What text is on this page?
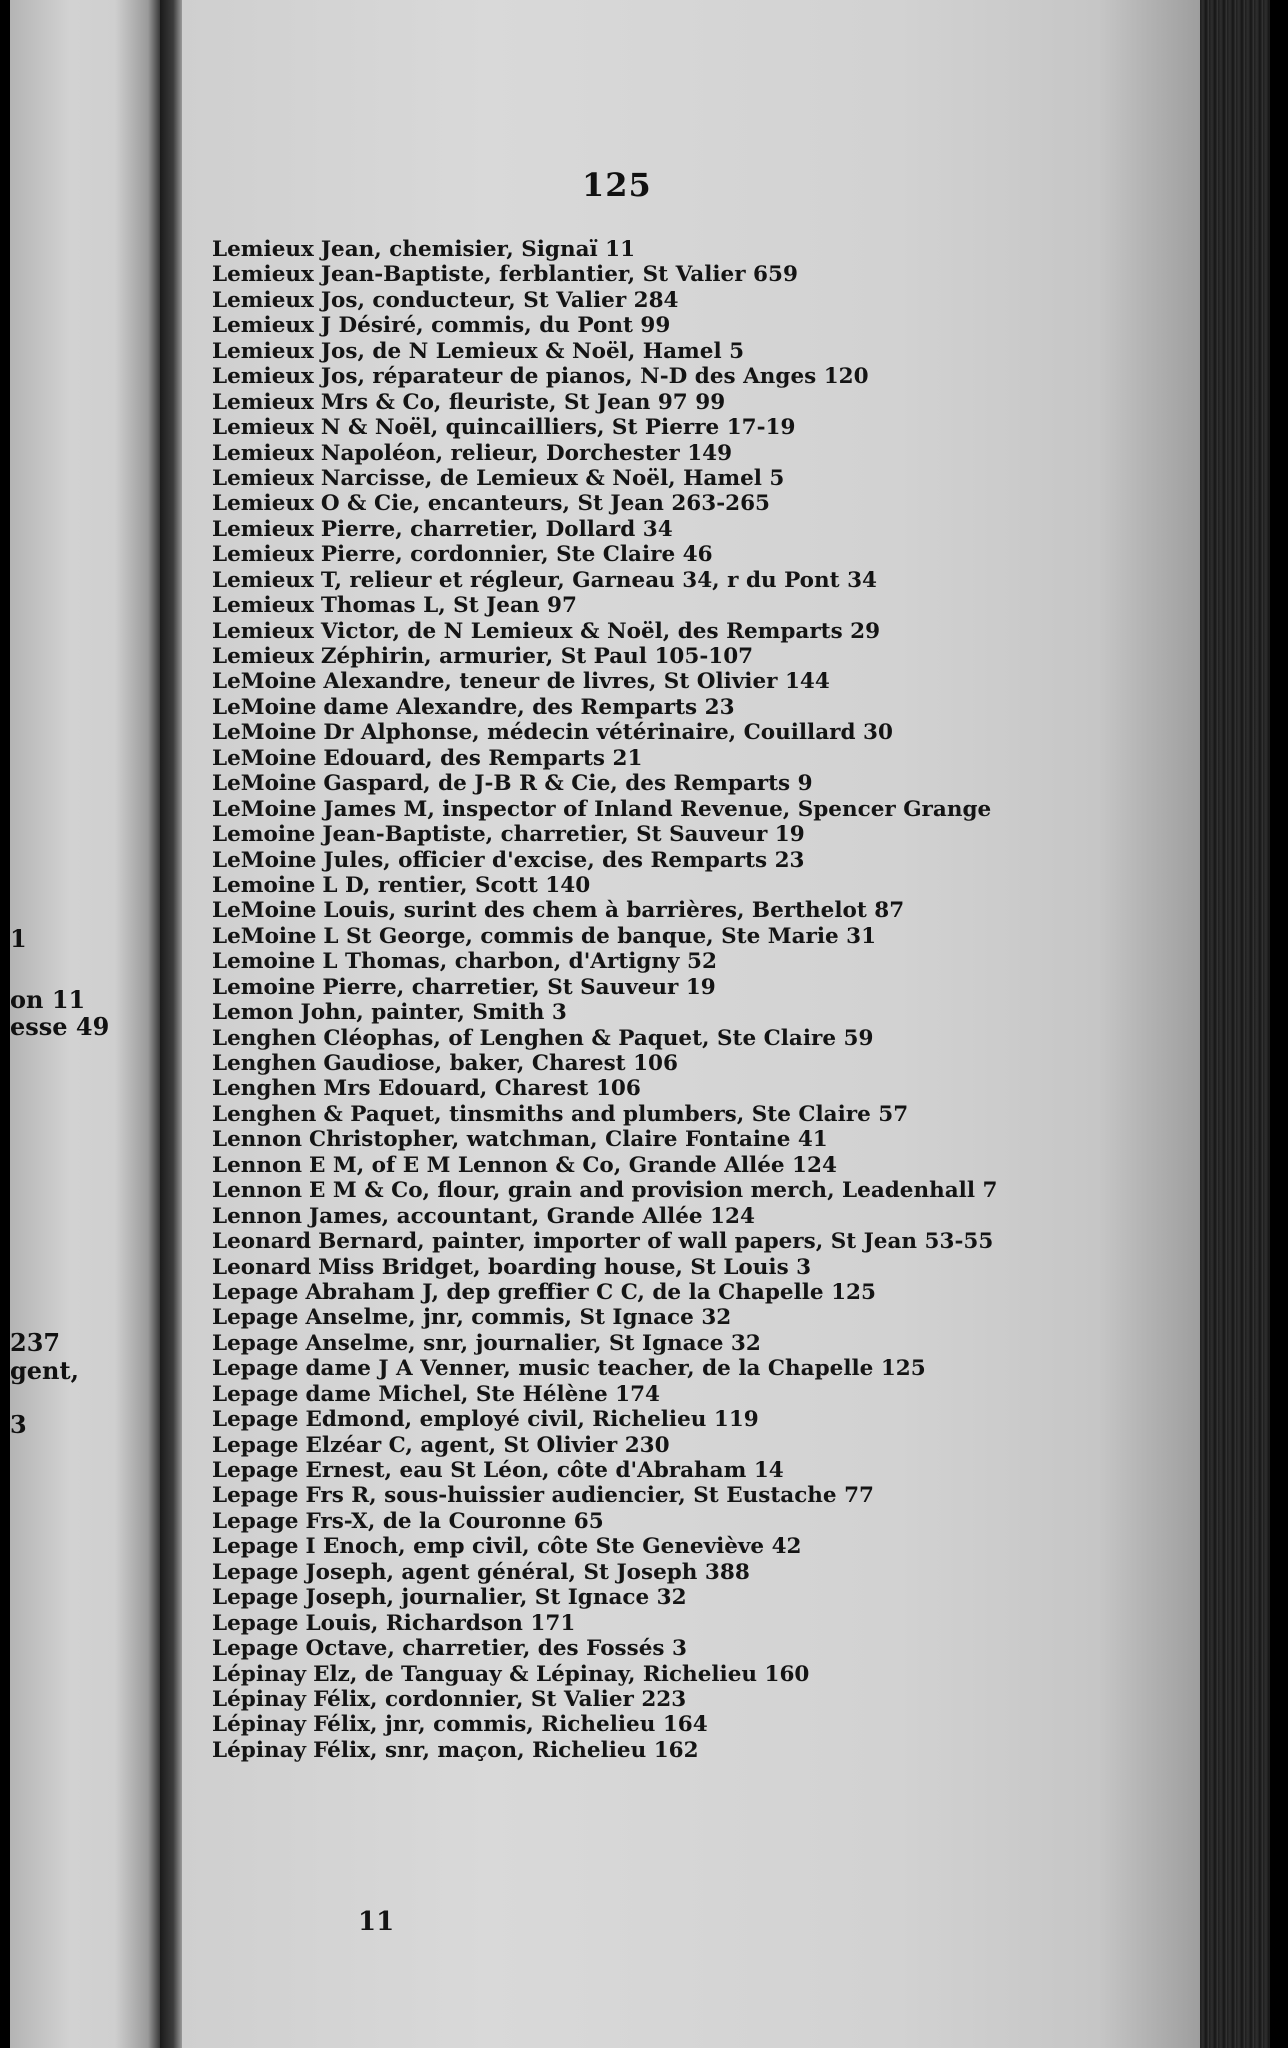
1
on 11
esse 49
237
gent,
3
125
Lemieux Jean, chemisier, Signaï 11
Lemieux Jean-Baptiste, ferblantier, St Valier 659
Lemieux Jos, conducteur, St Valier 284
Lemieux J Désiré, commis, du Pont 99
Lemieux Jos, de N Lemieux & Noël, Hamel 5
Lemieux Jos, réparateur de pianos, N-D des Anges 120
Lemieux Mrs & Co, fleuriste, St Jean 97 99
Lemieux N & Noël, quincailliers, St Pierre 17-19
Lemieux Napoléon, relieur, Dorchester 149
Lemieux Narcisse, de Lemieux & Noël, Hamel 5
Lemieux O & Cie, encanteurs, St Jean 263-265
Lemieux Pierre, charretier, Dollard 34
Lemieux Pierre, cordonnier, Ste Claire 46
Lemieux T, relieur et régleur, Garneau 34, r du Pont 34
Lemieux Thomas L, St Jean 97
Lemieux Victor, de N Lemieux & Noël, des Remparts 29
Lemieux Zéphirin, armurier, St Paul 105-107
LeMoine Alexandre, teneur de livres, St Olivier 144
LeMoine dame Alexandre, des Remparts 23
LeMoine Dr Alphonse, médecin vétérinaire, Couillard 30
LeMoine Edouard, des Remparts 21
LeMoine Gaspard, de J-B R & Cie, des Remparts 9
LeMoine James M, inspector of Inland Revenue, Spencer Grange
Lemoine Jean-Baptiste, charretier, St Sauveur 19
LeMoine Jules, officier d'excise, des Remparts 23
Lemoine L D, rentier, Scott 140
LeMoine Louis, surint des chem à barrières, Berthelot 87
LeMoine L St George, commis de banque, Ste Marie 31
Lemoine L Thomas, charbon, d'Artigny 52
Lemoine Pierre, charretier, St Sauveur 19
Lemon John, painter, Smith 3
Lenghen Cléophas, of Lenghen & Paquet, Ste Claire 59
Lenghen Gaudiose, baker, Charest 106
Lenghen Mrs Edouard, Charest 106
Lenghen & Paquet, tinsmiths and plumbers, Ste Claire 57
Lennon Christopher, watchman, Claire Fontaine 41
Lennon E M, of E M Lennon & Co, Grande Allée 124
Lennon E M & Co, flour, grain and provision merch, Leadenhall 7
Lennon James, accountant, Grande Allée 124
Leonard Bernard, painter, importer of wall papers, St Jean 53-55
Leonard Miss Bridget, boarding house, St Louis 3
Lepage Abraham J, dep greffier C C, de la Chapelle 125
Lepage Anselme, jnr, commis, St Ignace 32
Lepage Anselme, snr, journalier, St Ignace 32
Lepage dame J A Venner, music teacher, de la Chapelle 125
Lepage dame Michel, Ste Hélène 174
Lepage Edmond, employé civil, Richelieu 119
Lepage Elzéar C, agent, St Olivier 230
Lepage Ernest, eau St Léon, côte d'Abraham 14
Lepage Frs R, sous-huissier audiencier, St Eustache 77
Lepage Frs-X, de la Couronne 65
Lepage I Enoch, emp civil, côte Ste Geneviève 42
Lepage Joseph, agent général, St Joseph 388
Lepage Joseph, journalier, St Ignace 32
Lepage Louis, Richardson 171
Lepage Octave, charretier, des Fossés 3
Lépinay Elz, de Tanguay & Lépinay, Richelieu 160
Lépinay Félix, cordonnier, St Valier 223
Lépinay Félix, jnr, commis, Richelieu 164
Lépinay Félix, snr, maçon, Richelieu 162
11
